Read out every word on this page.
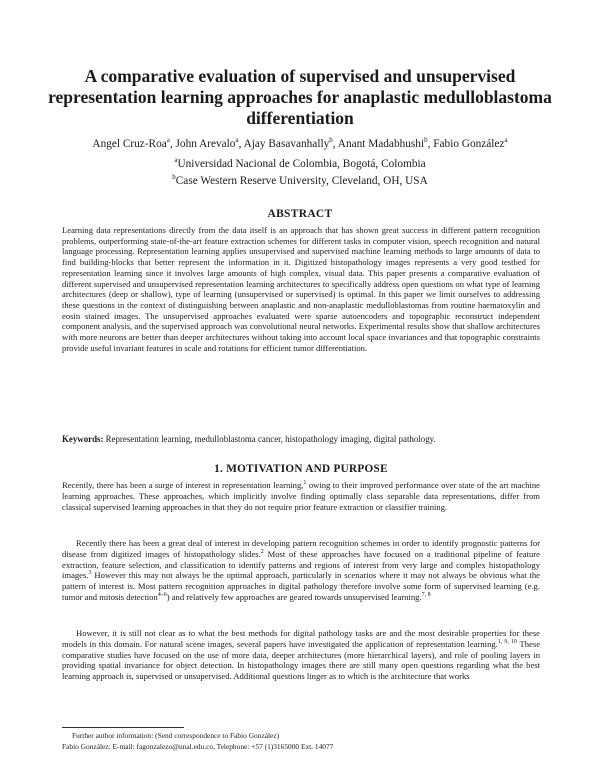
A comparative evaluation of supervised and unsupervised representation learning approaches for anaplastic medulloblastoma differentiation

Angel Cruz-Roa$^a$, John Arevalo$^a$, Ajay Basavanhally$^b$, Anant Madabhushi$^b$, Fabio González$^a$

$^a$Universidad Nacional de Colombia, Bogotá, Colombia

$^b$Case Western Reserve University, Cleveland, OH, USA

ABSTRACT

Learning data representations directly from the data itself is an approach that has shown great success in different pattern recognition problems, outperforming state-of-the-art feature extraction schemes for different tasks in computer vision, speech recognition and natural language processing. Representation learning applies unsupervised and supervised machine learning methods to large amounts of data to find building-blocks that better represent the information in it. Digitized histopathology images represents a very good testbed for representation learning since it involves large amounts of high complex, visual data. This paper presents a comparative evaluation of different supervised and unsupervised representation learning architectures to specifically address open questions on what type of learning architectures (deep or shallow), type of learning (unsupervised or supervised) is optimal. In this paper we limit ourselves to addressing these questions in the context of distinguishing between anaplastic and non-anaplastic medulloblastomas from routine haematoxylin and eosin stained images. The unsupervised approaches evaluated were sparse autoencoders and topographic reconstruct independent component analysis, and the supervised approach was convolutional neural networks. Experimental results show that shallow architectures with more neurons are better than deeper architectures without taking into account local space invariances and that topographic constraints provide useful invariant features in scale and rotations for efficient tumor differentiation.

Keywords: Representation learning, medulloblastoma cancer, histopathology imaging, digital pathology.

1. MOTIVATION AND PURPOSE

Recently, there has been a surge of interest in representation learning,$^1$ owing to their improved performance over state of the art machine learning approaches. These approaches, which implicitly involve finding optimally class separable data representations, differ from classical supervised learning approaches in that they do not require prior feature extraction or classifier training.

Recently there has been a great deal of interest in developing pattern recognition schemes in order to identify prognostic patterns for disease from digitized images of histopathology slides.$^2$ Most of these approaches have focused on a traditional pipeline of feature extraction, feature selection, and classification to identify patterns and regions of interest from very large and complex histopathology images.$^3$ However this may not always be the optimal approach, particularly in scenarios where it may not always be obvious what the pattern of interest is. Most pattern recognition approaches in digital pathology therefore involve some form of supervised learning (e.g. tumor and mitosis detection$^{4-6}$) and relatively few approaches are geared towards unsupervised learning.$^{7, 8}$

However, it is still not clear as to what the best methods for digital pathology tasks are and the most desirable properties for these models in this domain. For natural scene images, several papers have investigated the application of representation learning.$^{1, 9, 10}$ These comparative studies have focused on the use of more data, deeper architectures (more hierarchical layers), and role of pooling layers in providing spatial invariance for object detection. In histopathology images there are still many open questions regarding what the best learning approach is, supervised or unsupervised. Additional questions linger as to which is the architecture that works

Further author information: (Send correspondence to Fabio González)

Fabio González: E-mail: fagonzalezo@unal.edu.co, Telephone: +57 (1)3165000 Ext. 14077
